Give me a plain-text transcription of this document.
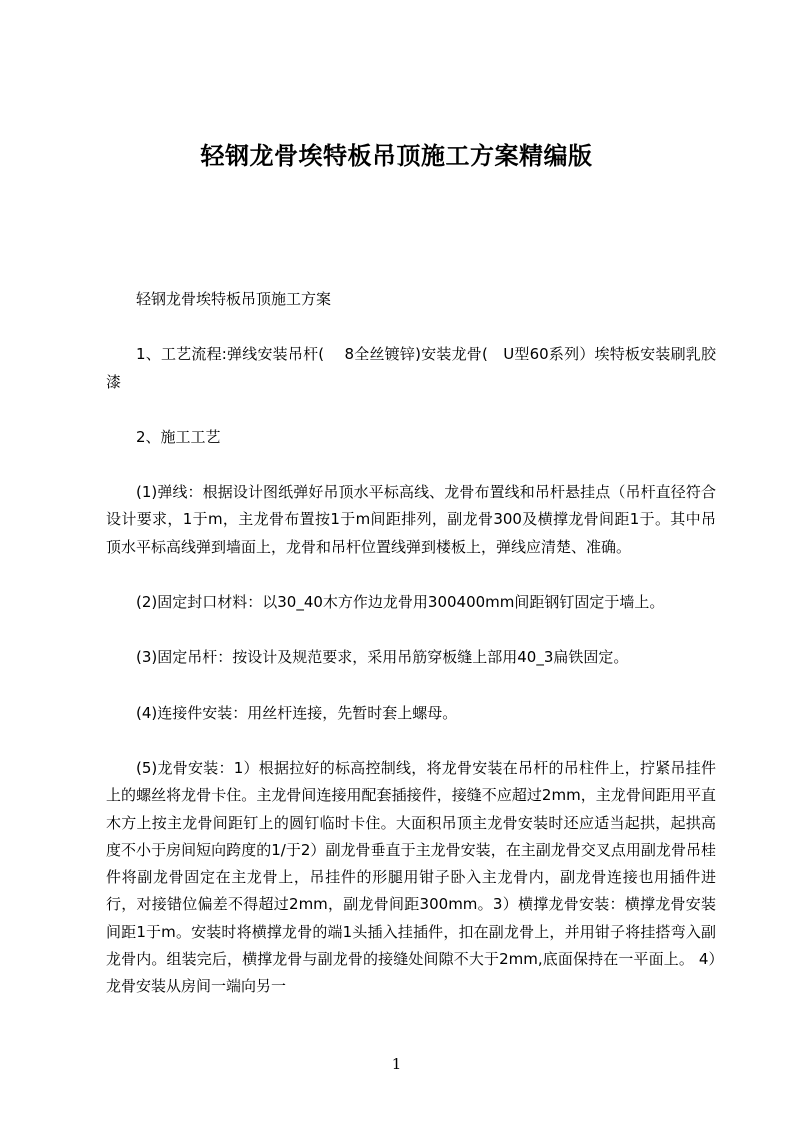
轻钢龙骨埃特板吊顶施工方案精编版

轻钢龙骨埃特板吊顶施工方案

1、工艺流程:弹线安装吊杆(　 8全丝镀锌)安装龙骨(　U型60系列）埃特板安装刷乳胶漆

2、施工工艺

(1)弹线：根据设计图纸弹好吊顶水平标高线、龙骨布置线和吊杆悬挂点（吊杆直径符合设计要求，1于m，主龙骨布置按1于m间距排列，副龙骨300及横撑龙骨间距1于。其中吊顶水平标高线弹到墙面上，龙骨和吊杆位置线弹到楼板上，弹线应清楚、准确。

(2)固定封口材料：以30_40木方作边龙骨用300400mm间距钢钉固定于墙上。

(3)固定吊杆：按设计及规范要求，采用吊筋穿板缝上部用40_3扁铁固定。

(4)连接件安装：用丝杆连接，先暂时套上螺母。

(5)龙骨安装：1）根据拉好的标高控制线，将龙骨安装在吊杆的吊柱件上，拧紧吊挂件上的螺丝将龙骨卡住。主龙骨间连接用配套插接件，接缝不应超过2mm，主龙骨间距用平直木方上按主龙骨间距钉上的圆钉临时卡住。大面积吊顶主龙骨安装时还应适当起拱，起拱高度不小于房间短向跨度的1/于2）副龙骨垂直于主龙骨安装，在主副龙骨交叉点用副龙骨吊桂件将副龙骨固定在主龙骨上，吊挂件的形腿用钳子卧入主龙骨内，副龙骨连接也用插件进行，对接错位偏差不得超过2mm，副龙骨间距300mm。3）横撑龙骨安装：横撑龙骨安装间距1于m。安装时将横撑龙骨的端1头插入挂插件，扣在副龙骨上，并用钳子将挂搭弯入副龙骨内。组装完后，横撑龙骨与副龙骨的接缝处间隙不大于2mm,底面保持在一平面上。 4）龙骨安装从房间一端向另一

1
